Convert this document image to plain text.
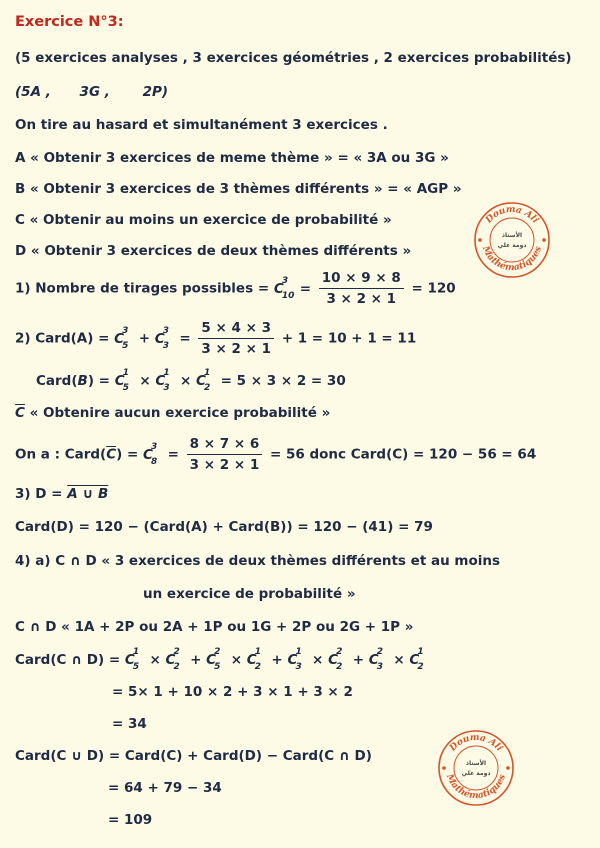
Exercice N°3:
(5 exercices analyses , 3 exercices géométries , 2 exercices probabilités)
(5A , 3G , 2P)
On tire au hasard et simultanément 3 exercices .
A « Obtenir 3 exercices de meme thème » = « 3A ou 3G »
B « Obtenir 3 exercices de 3 thèmes différents » = « AGP »
C « Obtenir au moins un exercice de probabilité »
D « Obtenir 3 exercices de deux thèmes différents »
1) Nombre de tirages possibles = C
3
$10 = \frac{10 \times 9 \times 8}{3 \times 2 \times 1} = 120$
2) Card(A) = C
3
5 + C
3
$3 = \frac{5 \times 4 \times 3}{3 \times 2 \times 1} + 1 = 10 + 1 = 11$
Card(B) = C
1
5 × C
1
3 × C
1
2 = 5 × 3 × 2 = 30
$\overline{C}$ « Obtenire aucun exercice probabilité »
On a : $Card(\overline{C}) = C$
3
$8 = \frac{8 \times 7 \times 6}{3 \times 2 \times 1} = 56$ donc Card(C) = 120 − 56 = 64
3) D = A ∪ B
Card(D) = 120 − (Card(A) + Card(B)) = 120 − (41) = 79
4) a) C ∩ D « 3 exercices de deux thèmes différents et au moins
un exercice de probabilité »
C ∩ D « 1A + 2P ou 2A + 1P ou 1G + 2P ou 2G + 1P »
Card(C ∩ D) = C
1
5 × C
2
2 + C
2
5 × C
1
2 + C
1
3 × C
2
2 + C
2
3 × C
1
2
= 5× 1 + 10 × 2 + 3 × 1 + 3 × 2
= 34
Card(C ∪ D) = Card(C) + Card(D) − Card(C ∩ D)
= 64 + 79 − 34
= 109
Douma Ali
Mathématiques
الأستاذ
دومة علي
Douma Ali
Mathématiques
الأستاذ
دومة علي
